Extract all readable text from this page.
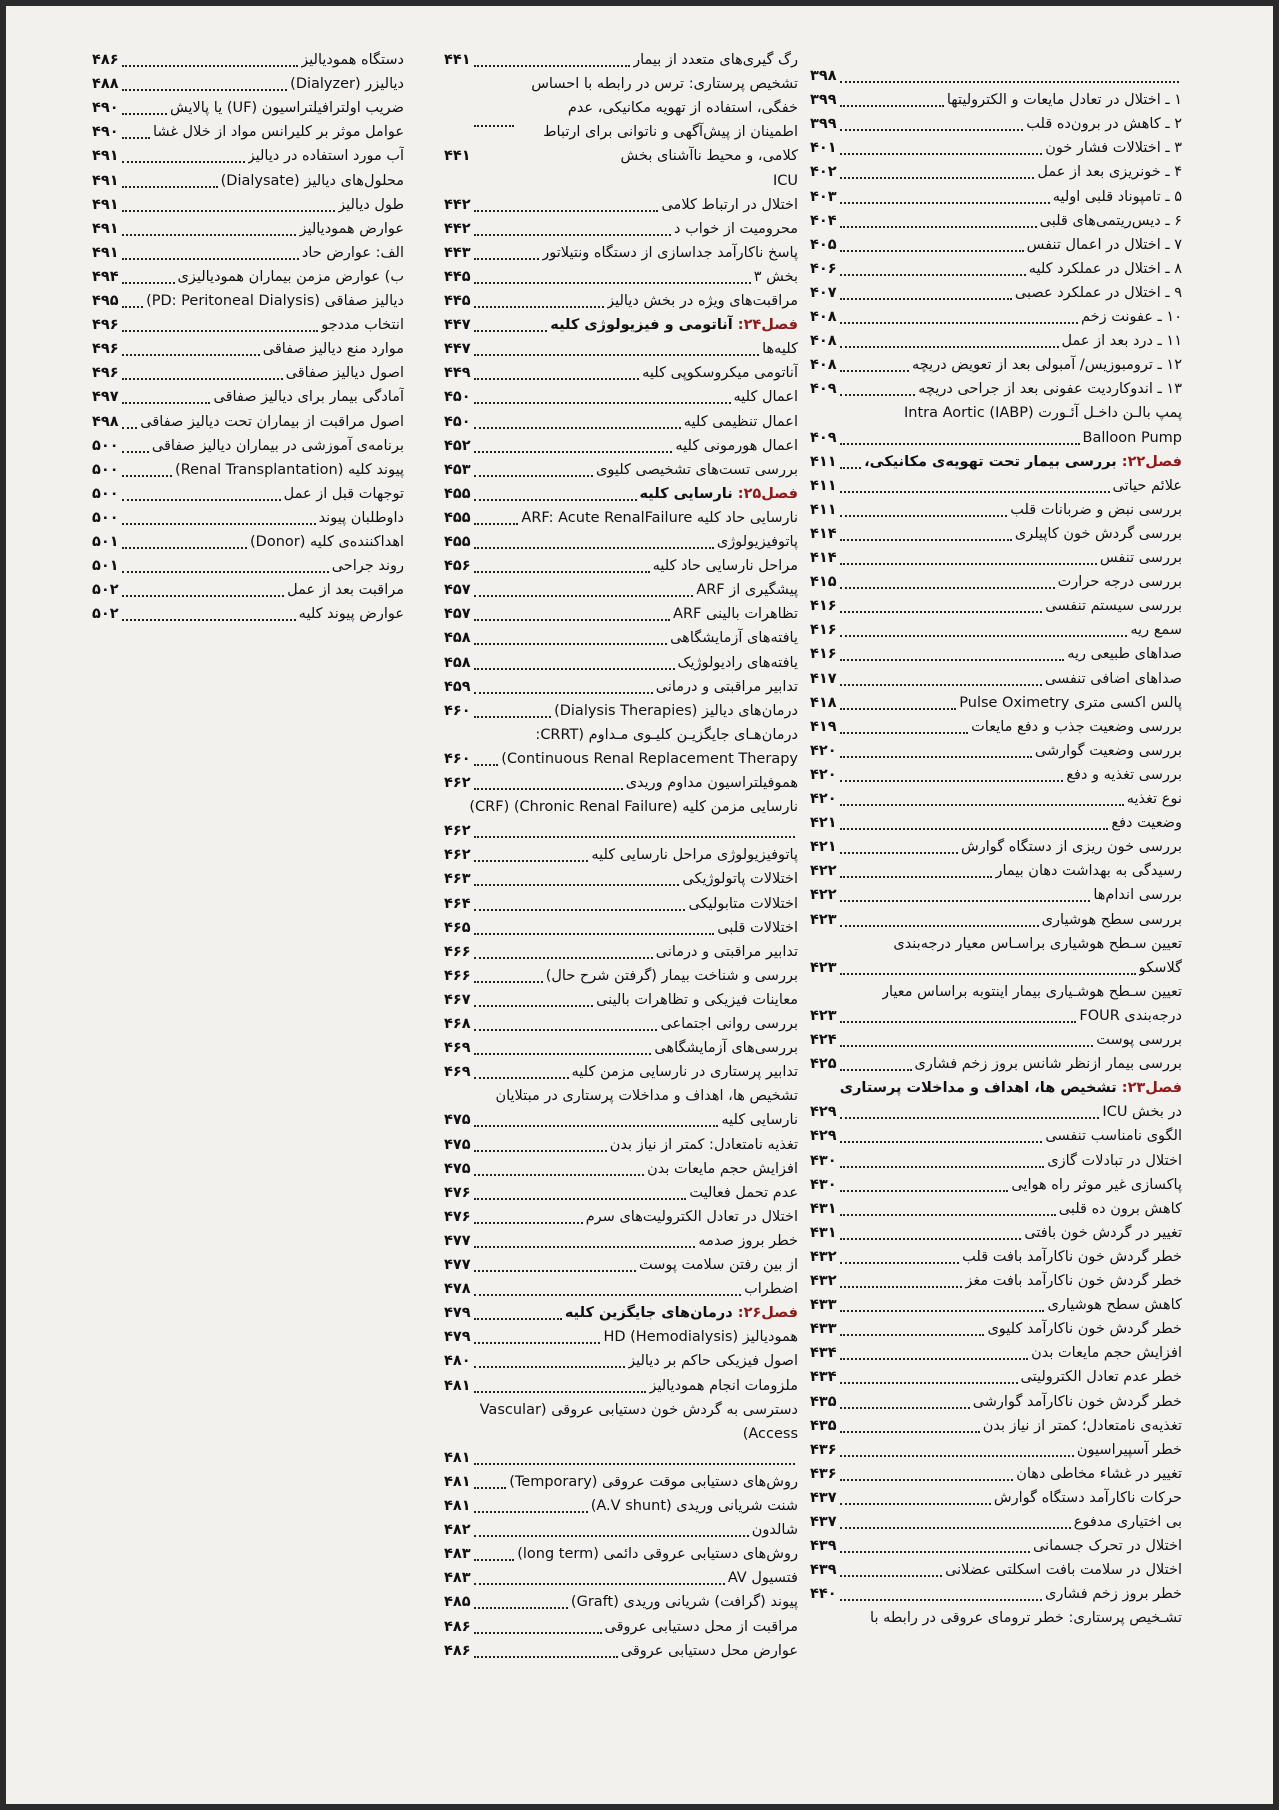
۳۹۸
۱ ـ اختلال در تعادل مایعات و الکترولیتها
۳۹۹
۲ ـ کاهش در برون‌ده قلب
۳۹۹
۳ ـ اختلالات فشار خون
۴۰۱
۴ ـ خونریزی بعد از عمل
۴۰۲
۵ ـ تامپوناد قلبی اولیه
۴۰۳
۶ ـ دیس‌ریتمی‌های قلبی
۴۰۴
۷ ـ اختلال در اعمال تنفس
۴۰۵
۸ ـ اختلال در عملکرد کلیه
۴۰۶
۹ ـ اختلال در عملکرد عصبی
۴۰۷
۱۰ ـ عفونت زخم
۴۰۸
۱۱ ـ درد بعد از عمل
۴۰۸
۱۲ ـ ترومبوزیس/ آمبولی بعد از تعویض دریچه
۴۰۸
۱۳ ـ اندوکاردیت عفونی بعد از جراحی دریچه
۴۰۹
پمپ بالـن داخـل آئـورت (IABP) Intra Aortic
Balloon Pump
۴۰۹
فصل۲۲: بررسی بیمار تحت تهویه‌ی مکانیکی،
۴۱۱
علائم حیاتی
۴۱۱
بررسی نبض و ضربانات قلب
۴۱۱
بررسی گردش خون کاپیلری
۴۱۴
بررسی تنفس
۴۱۴
بررسی درجه حرارت
۴۱۵
بررسی سیستم تنفسی
۴۱۶
سمع ریه
۴۱۶
صداهای طبیعی ریه
۴۱۶
صداهای اضافی تنفسی
۴۱۷
پالس اکسی متری Pulse Oximetry
۴۱۸
بررسی وضعیت جذب و دفع مایعات
۴۱۹
بررسی وضعیت گوارشی
۴۲۰
بررسی تغذیه و دفع
۴۲۰
نوع تغذیه
۴۲۰
وضعیت دفع
۴۲۱
بررسی خون ریزی از دستگاه گوارش
۴۲۱
رسیدگی به بهداشت دهان بیمار
۴۲۲
بررسی اندام‌ها
۴۲۲
بررسی سطح هوشیاری
۴۲۳
تعیین سـطح هوشیاری براسـاس معیار درجه‌بندی
گلاسکو
۴۲۳
تعیین سـطح هوشـیاری بیمار اینتوبه براساس معیار
درجه‌بندی FOUR
۴۲۳
بررسی پوست
۴۲۴
بررسی بیمار ازنظر شانس بروز زخم فشاری
۴۲۵
فصل۲۳: تشخیص ها، اهداف و مداخلات پرستاری
در بخش ICU
۴۲۹
الگوی نامناسب تنفسی
۴۲۹
اختلال در تبادلات گازی
۴۳۰
پاکسازی غیر موثر راه هوایی
۴۳۰
کاهش برون ده قلبی
۴۳۱
تغییر در گردش خون بافتی
۴۳۱
خطر گردش خون ناکارآمد بافت قلب
۴۳۲
خطر گردش خون ناکارآمد بافت مغز
۴۳۲
کاهش سطح هوشیاری
۴۳۳
خطر گردش خون ناکارآمد کلیوی
۴۳۳
افزایش حجم مایعات بدن
۴۳۴
خطر عدم تعادل الکترولیتی
۴۳۴
خطر گردش خون ناکارآمد گوارشی
۴۳۵
تغذیه‌ی نامتعادل؛ کمتر از نیاز بدن
۴۳۵
خطر آسپیراسیون
۴۳۶
تغییر در غشاء مخاطی دهان
۴۳۶
حرکات ناکارآمد دستگاه گوارش
۴۳۷
بی اختیاری مدفوع
۴۳۷
اختلال در تحرک جسمانی
۴۳۹
اختلال در سلامت بافت اسکلتی عضلانی
۴۳۹
خطر بروز زخم فشاری
۴۴۰
تشـخیص پرستاری: خطر ترومای عروقی در رابطه با
رگ گیری‌های متعدد از بیمار
۴۴۱
تشخیص پرستاری: ترس در رابطه با احساس خفگی، استفاده از تهویه مکانیکی، عدم اطمینان از پیش‌آگهی و ناتوانی برای ارتباط کلامی، و محیط ناآشنای بخش
۴۴۱
ICU
اختلال در ارتباط کلامی
۴۴۲
محرومیت از خواب د
۴۴۲
پاسخ ناکارآمد جداسازی از دستگاه ونتیلاتور
۴۴۳
بخش ۳
۴۴۵
مراقبت‌های ویژه در بخش دیالیز
۴۴۵
فصل۲۴: آناتومی و فیزیولوژی کلیه
۴۴۷
کلیه‌ها
۴۴۷
آناتومی میکروسکوپی کلیه
۴۴۹
اعمال کلیه
۴۵۰
اعمال تنظیمی کلیه
۴۵۰
اعمال هورمونی کلیه
۴۵۲
بررسی تست‌های تشخیصی کلیوی
۴۵۳
فصل۲۵: نارسایی کلیه
۴۵۵
نارسایی حاد کلیه ARF: Acute RenalFailure
۴۵۵
پاتوفیزیولوژی
۴۵۵
مراحل نارسایی حاد کلیه
۴۵۶
پیشگیری از ARF
۴۵۷
تظاهرات بالینی ARF
۴۵۷
یافته‌های آزمایشگاهی
۴۵۸
یافته‌های رادیولوژیک
۴۵۸
تدابیر مراقبتی و درمانی
۴۵۹
درمان‌های دیالیز (Dialysis Therapies)
۴۶۰
درمان‌هـای جایگزیـن کلیـوی مـداوم (CRRT:
Continuous Renal Replacement Therapy)
۴۶۰
هموفیلتراسیون مداوم وریدی
۴۶۲
نارسایی مزمن کلیه (Chronic Renal Failure) (CRF)
۴۶۲
پاتوفیزیولوژی مراحل نارسایی کلیه
۴۶۲
اختلالات پاتولوژیکی
۴۶۳
اختلالات متابولیکی
۴۶۴
اختلالات قلبی
۴۶۵
تدابیر مراقبتی و درمانی
۴۶۶
بررسی و شناخت بیمار (گرفتن شرح حال)
۴۶۶
معاینات فیزیکی و تظاهرات بالینی
۴۶۷
بررسی روانی اجتماعی
۴۶۸
بررسی‌های آزمایشگاهی
۴۶۹
تدابیر پرستاری در نارسایی مزمن کلیه
۴۶۹
تشخیص ها، اهداف و مداخلات پرستاری در مبتلایان
نارسایی کلیه
۴۷۵
تغذیه نامتعادل: کمتر از نیاز بدن
۴۷۵
افزایش حجم مایعات بدن
۴۷۵
عدم تحمل فعالیت
۴۷۶
اختلال در تعادل الکترولیت‌های سرم
۴۷۶
خطر بروز صدمه
۴۷۷
از بین رفتن سلامت پوست
۴۷۷
اضطراب
۴۷۸
فصل۲۶: درمان‌های جایگزین کلیه
۴۷۹
همودیالیز HD (Hemodialysis)
۴۷۹
اصول فیزیکی حاکم بر دیالیز
۴۸۰
ملزومات انجام همودیالیز
۴۸۱
دسترسی به گردش خون دستیابی عروقی (Vascular
Access)
۴۸۱
روش‌های دستیابی موقت عروقی (Temporary)
۴۸۱
شنت شریانی وریدی (A.V shunt)
۴۸۱
شالدون
۴۸۲
روش‌های دستیابی عروقی دائمی (long term)
۴۸۳
فتسیول AV
۴۸۳
پیوند (گرافت) شریانی وریدی (Graft)
۴۸۵
مراقبت از محل دستیابی عروقی
۴۸۶
عوارض محل دستیابی عروقی
۴۸۶
دستگاه همودیالیز
۴۸۶
دیالیزر (Dialyzer)
۴۸۸
ضریب اولترافیلتراسیون (UF) یا پالایش
۴۹۰
عوامل موثر بر کلیرانس مواد از خلال غشا
۴۹۰
آب مورد استفاده در دیالیز
۴۹۱
محلول‌های دیالیز (Dialysate)
۴۹۱
طول دیالیز
۴۹۱
عوارض همودیالیز
۴۹۱
الف: عوارض حاد
۴۹۱
ب) عوارض مزمن بیماران همودیالیزی
۴۹۴
دیالیز صفاقی (PD: Peritoneal Dialysis)
۴۹۵
انتخاب مددجو
۴۹۶
موارد منع دیالیز صفاقی
۴۹۶
اصول دیالیز صفاقی
۴۹۶
آمادگی بیمار برای دیالیز صفاقی
۴۹۷
اصول مراقبت از بیماران تحت دیالیز صفاقی
۴۹۸
برنامه‌ی آموزشی در بیماران دیالیز صفاقی
۵۰۰
پیوند کلیه (Renal Transplantation)
۵۰۰
توجهات قبل از عمل
۵۰۰
داوطلبان پیوند
۵۰۰
اهداکننده‌ی کلیه (Donor)
۵۰۱
روند جراحی
۵۰۱
مراقبت بعد از عمل
۵۰۲
عوارض پیوند کلیه
۵۰۲
